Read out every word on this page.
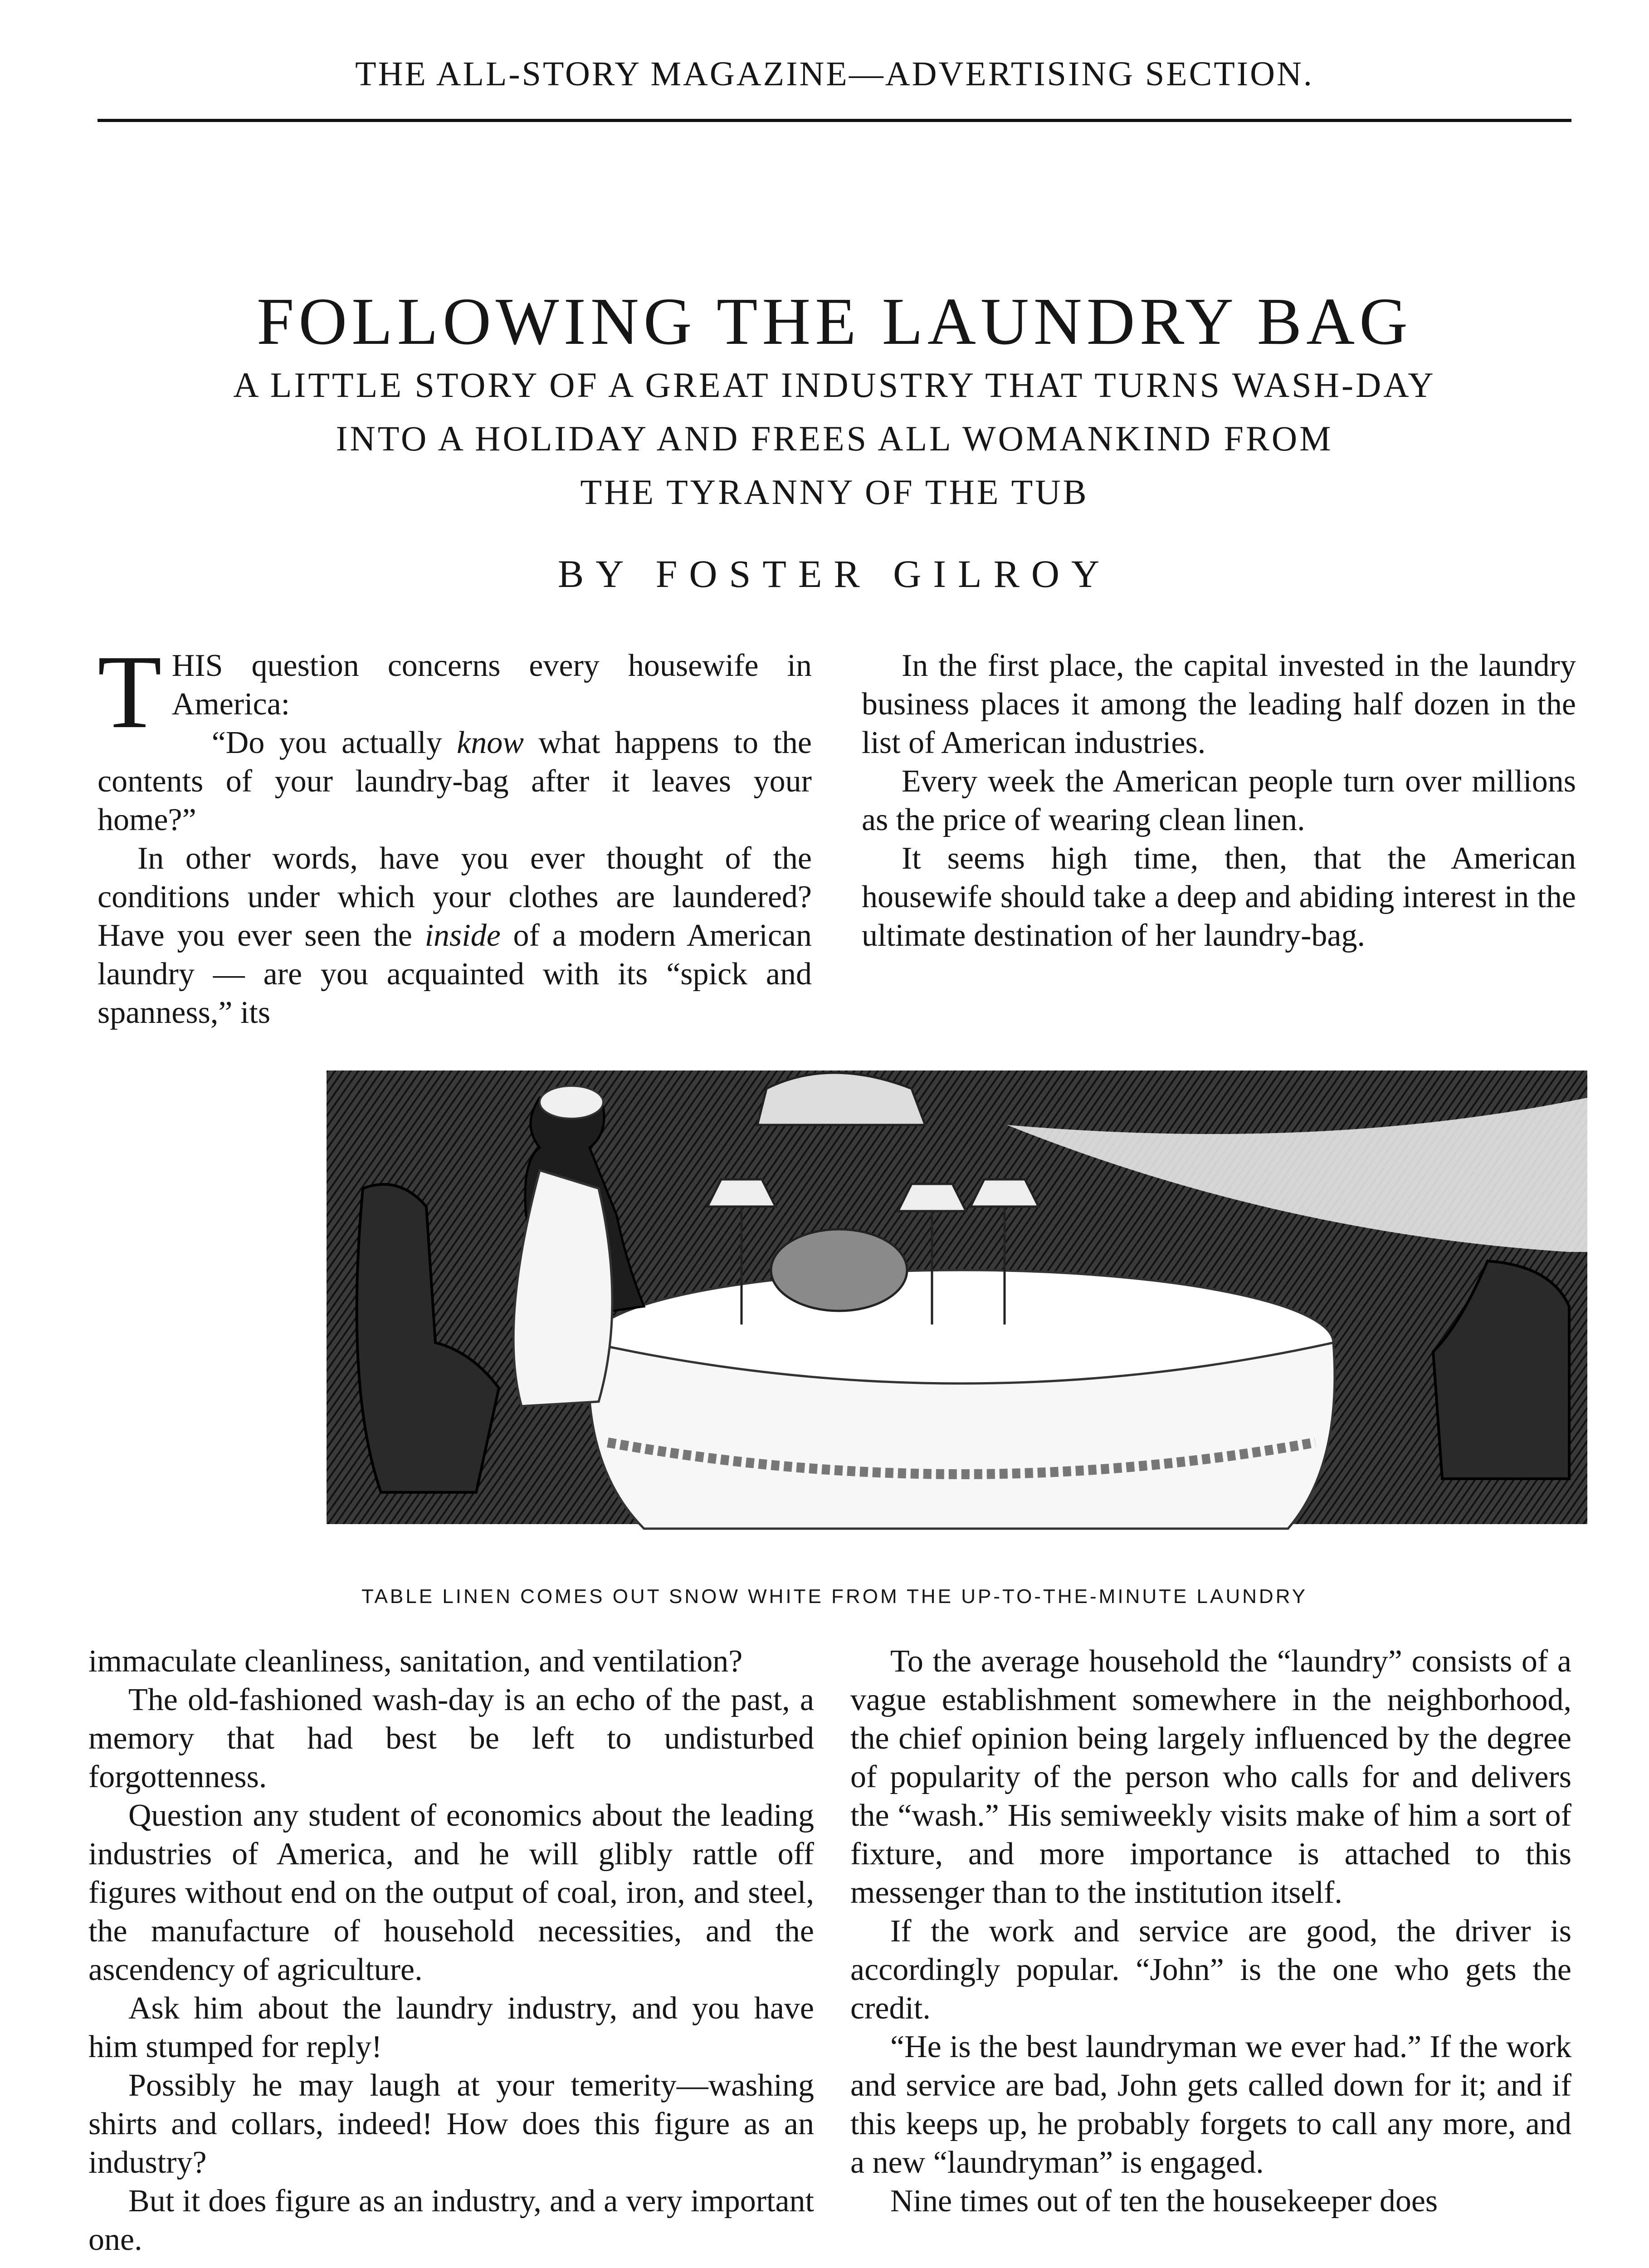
THE ALL-STORY MAGAZINE—ADVERTISING SECTION.
FOLLOWING THE LAUNDRY BAG
A LITTLE STORY OF A GREAT INDUSTRY THAT TURNS WASH-DAY
INTO A HOLIDAY AND FREES ALL WOMANKIND FROM
THE TYRANNY OF THE TUB
BY FOSTER GILROY

THIS question concerns every housewife in America:

“Do you actually know what happens to the contents of your laundry-bag after it leaves your home?”

In other words, have you ever thought of the conditions under which your clothes are laundered? Have you ever seen the inside of a modern American laundry — are you acquainted with its “spick and spanness,” its

In the first place, the capital invested in the laundry business places it among the leading half dozen in the list of American industries.

Every week the American people turn over millions as the price of wearing clean linen.

It seems high time, then, that the American housewife should take a deep and abiding interest in the ultimate destination of her laundry-bag.

TABLE LINEN COMES OUT SNOW WHITE FROM THE UP-TO-THE-MINUTE LAUNDRY

immaculate cleanliness, sanitation, and ventilation?

The old-fashioned wash-day is an echo of the past, a memory that had best be left to undisturbed forgottenness.

Question any student of economics about the leading industries of America, and he will glibly rattle off figures without end on the output of coal, iron, and steel, the manufacture of household necessities, and the ascendency of agriculture.

Ask him about the laundry industry, and you have him stumped for reply!

Possibly he may laugh at your temerity—washing shirts and collars, indeed! How does this figure as an industry?

But it does figure as an industry, and a very important one.

To the average household the “laundry” consists of a vague establishment somewhere in the neighborhood, the chief opinion being largely influenced by the degree of popularity of the person who calls for and delivers the “wash.” His semiweekly visits make of him a sort of fixture, and more importance is attached to this messenger than to the institution itself.

If the work and service are good, the driver is accordingly popular. “John” is the one who gets the credit.

“He is the best laundryman we ever had.” If the work and service are bad, John gets called down for it; and if this keeps up, he probably forgets to call any more, and a new “laundryman” is engaged.

Nine times out of ten the housekeeper does
